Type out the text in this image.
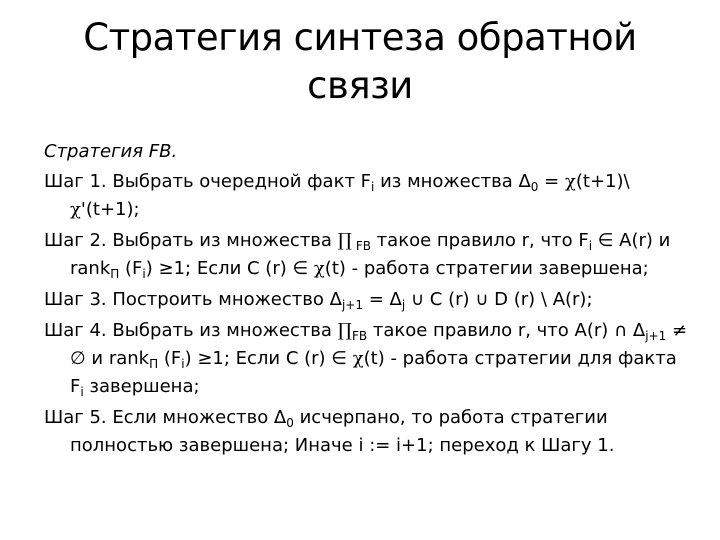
Стратегия синтеза обратной
связи
Стратегия FB.
Шаг 1. Выбрать очередной факт $F_i$ из множества $\Delta_0$ = χ(t+1)\
χ'(t+1);
Шаг 2. Выбрать из множества ∏ $_{FB}$ такое правило r, что $F_i$ ∈ A(r) и rank$_П$ $(F_i) \ge 1$; Если C (r) ∈ χ(t) - работа стратегии завершена;
Шаг 3. Построить множество $\Delta_{j+1} = \Delta_j$ ∪ C (r) ∪ D (r) \ A(r);
Шаг 4. Выбрать из множества $\prod_{FB}$ такое правило r, что A(r) ∩ $\Delta_{j+1}$ ≠ ∅ и rank$_П$ $(F_i) \ge 1$; Если C (r) ∈ χ(t) - работа стратегии для факта $F_i$ завершена;
Шаг 5. Если множество $\Delta_0$ исчерпано, то работа стратегии полностью завершена; Иначе i := i+1; переход к Шагу 1.
